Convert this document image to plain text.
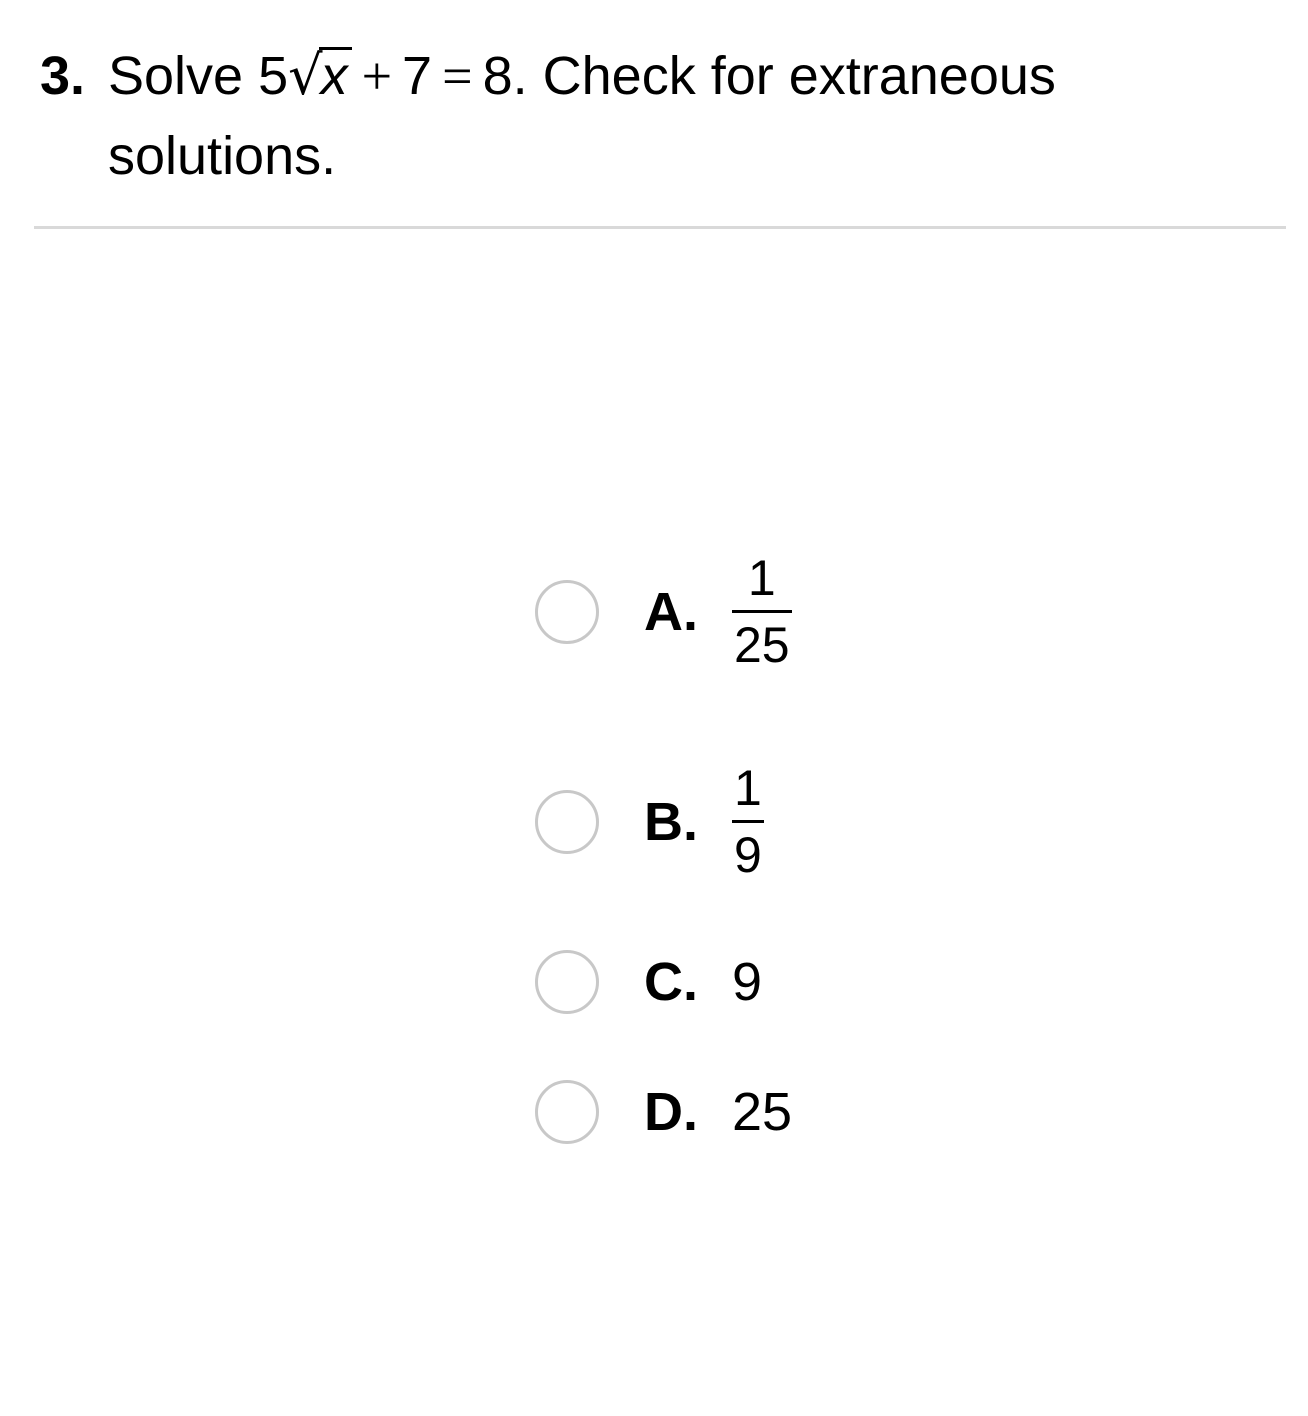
3. Solve 5√x + 7 = 8. Check for extraneous solutions.
A. $\frac{1}{25}$
B. $\frac{1}{9}$
C. 9
D. 25
